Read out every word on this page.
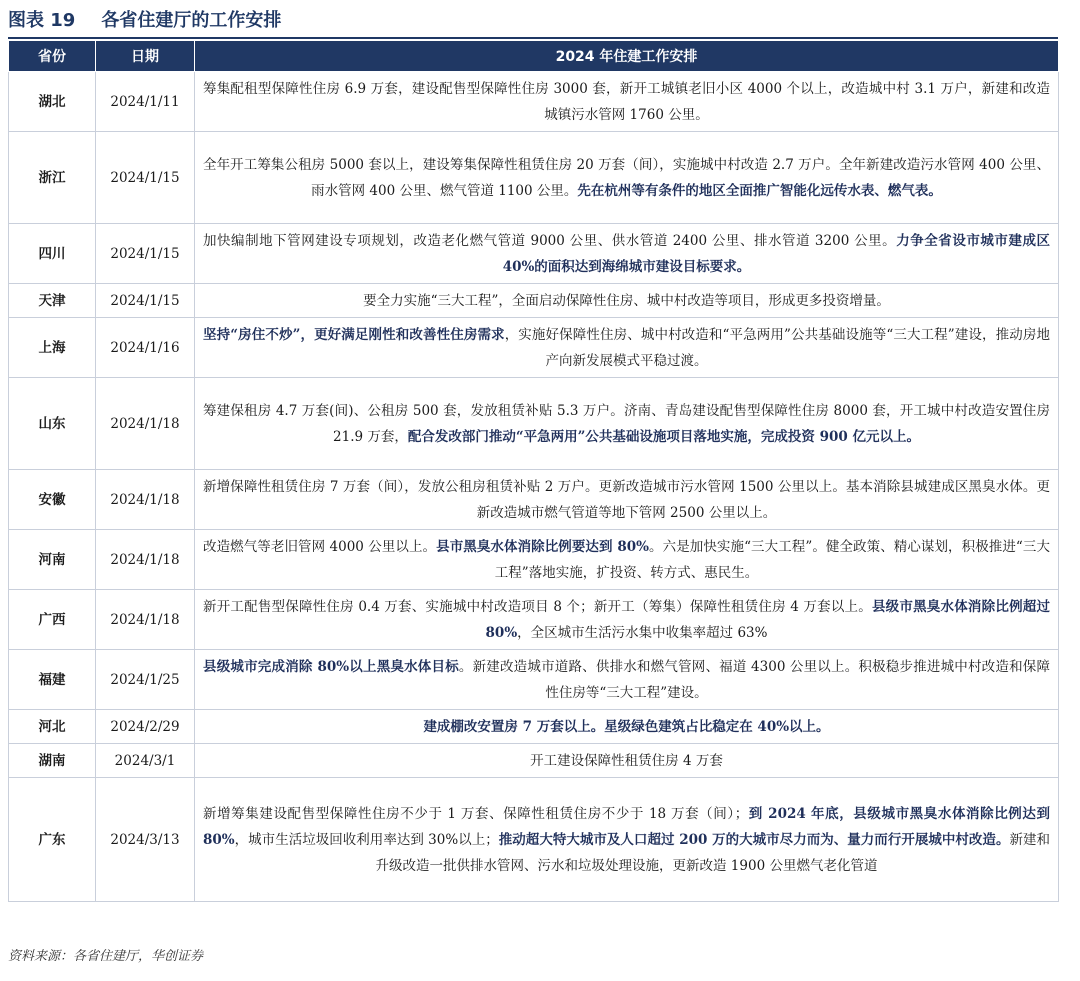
图表 19 各省住建厅的工作安排
省份	日期	2024 年住建工作安排
湖北	2024/1/11	筹集配租型保障性住房 6.9 万套，建设配售型保障性住房 3000 套，新开工城镇老旧小区 4000 个以上，改造城中村 3.1 万户，新建和改造城镇污水管网 1760 公里。
浙江	2024/1/15	全年开工筹集公租房 5000 套以上，建设筹集保障性租赁住房 20 万套（间），实施城中村改造 2.7 万户。全年新建改造污水管网 400 公里、雨水管网 400 公里、燃气管道 1100 公里。先在杭州等有条件的地区全面推广智能化远传水表、燃气表。
四川	2024/1/15	加快编制地下管网建设专项规划，改造老化燃气管道 9000 公里、供水管道 2400 公里、排水管道 3200 公里。力争全省设市城市建成区 40%的面积达到海绵城市建设目标要求。
天津	2024/1/15	要全力实施“三大工程”，全面启动保障性住房、城中村改造等项目，形成更多投资增量。
上海	2024/1/16	坚持“房住不炒”，更好满足刚性和改善性住房需求，实施好保障性住房、城中村改造和“平急两用”公共基础设施等“三大工程”建设，推动房地产向新发展模式平稳过渡。
山东	2024/1/18	筹建保租房 4.7 万套(间)、公租房 500 套，发放租赁补贴 5.3 万户。济南、青岛建设配售型保障性住房 8000 套，开工城中村改造安置住房 21.9 万套，配合发改部门推动“平急两用”公共基础设施项目落地实施，完成投资 900 亿元以上。
安徽	2024/1/18	新增保障性租赁住房 7 万套（间），发放公租房租赁补贴 2 万户。更新改造城市污水管网 1500 公里以上。基本消除县城建成区黑臭水体。更新改造城市燃气管道等地下管网 2500 公里以上。
河南	2024/1/18	改造燃气等老旧管网 4000 公里以上。县市黑臭水体消除比例要达到 80%。六是加快实施“三大工程”。健全政策、精心谋划，积极推进“三大工程”落地实施，扩投资、转方式、惠民生。
广西	2024/1/18	新开工配售型保障性住房 0.4 万套、实施城中村改造项目 8 个；新开工（筹集）保障性租赁住房 4 万套以上。县级市黑臭水体消除比例超过 80%，全区城市生活污水集中收集率超过 63%
福建	2024/1/25	县级城市完成消除 80%以上黑臭水体目标。新建改造城市道路、供排水和燃气管网、福道 4300 公里以上。积极稳步推进城中村改造和保障性住房等“三大工程”建设。
河北	2024/2/29	建成棚改安置房 7 万套以上。星级绿色建筑占比稳定在 40%以上。
湖南	2024/3/1	开工建设保障性租赁住房 4 万套
广东	2024/3/13	新增筹集建设配售型保障性住房不少于 1 万套、保障性租赁住房不少于 18 万套（间）；到 2024 年底，县级城市黑臭水体消除比例达到 80%，城市生活垃圾回收利用率达到 30%以上；推动超大特大城市及人口超过 200 万的大城市尽力而为、量力而行开展城中村改造。新建和升级改造一批供排水管网、污水和垃圾处理设施，更新改造 1900 公里燃气老化管道
资料来源：各省住建厅，华创证券
